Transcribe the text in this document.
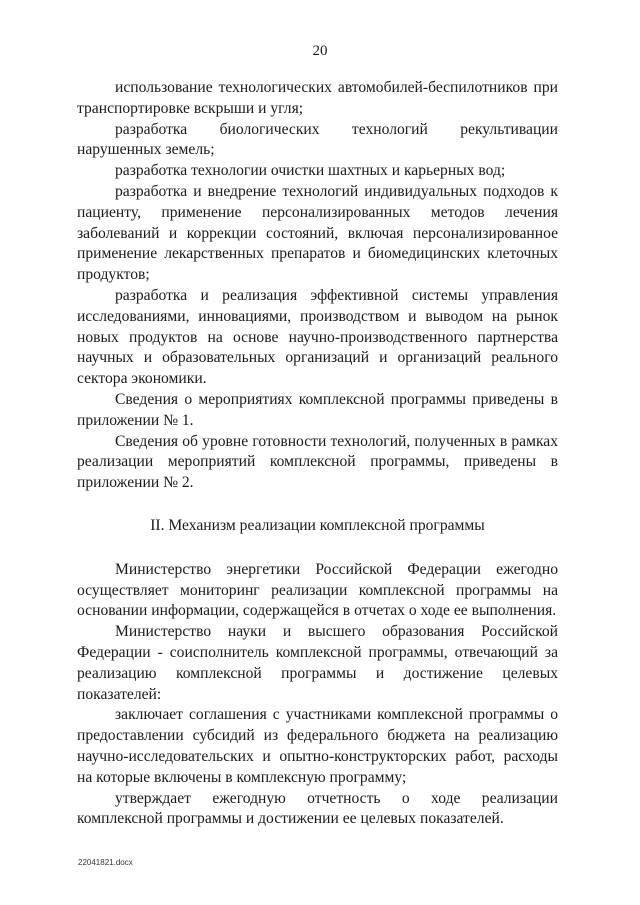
20

использование технологических автомобилей-беспилотников при транспортировке вскрыши и угля;

разработка биологических технологий рекультивации нарушенных земель;

разработка технологии очистки шахтных и карьерных вод;

разработка и внедрение технологий индивидуальных подходов к пациенту, применение персонализированных методов лечения заболеваний и коррекции состояний, включая персонализированное применение лекарственных препаратов и биомедицинских клеточных продуктов;

разработка и реализация эффективной системы управления исследованиями, инновациями, производством и выводом на рынок новых продуктов на основе научно-производственного партнерства научных и образовательных организаций и организаций реального сектора экономики.

Сведения о мероприятиях комплексной программы приведены в приложении № 1.

Сведения об уровне готовности технологий, полученных в рамках реализации мероприятий комплексной программы, приведены в приложении № 2.

II. Механизм реализации комплексной программы

Министерство энергетики Российской Федерации ежегодно осуществляет мониторинг реализации комплексной программы на основании информации, содержащейся в отчетах о ходе ее выполнения.

Министерство науки и высшего образования Российской Федерации - соисполнитель комплексной программы, отвечающий за реализацию комплексной программы и достижение целевых показателей:

заключает соглашения с участниками комплексной программы о предоставлении субсидий из федерального бюджета на реализацию научно-исследовательских и опытно-конструкторских работ, расходы на которые включены в комплексную программу;

утверждает ежегодную отчетность о ходе реализации комплексной программы и достижении ее целевых показателей.

22041821.docx
